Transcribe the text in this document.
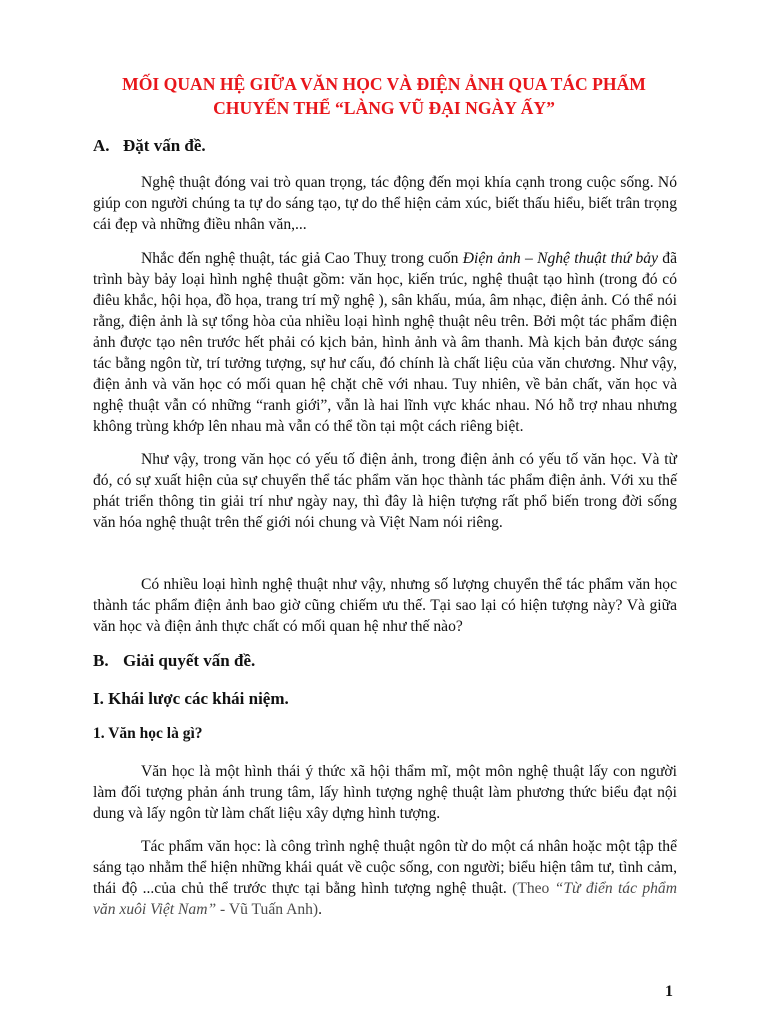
MỐI QUAN HỆ GIỮA VĂN HỌC VÀ ĐIỆN ẢNH QUA TÁC PHẨM
CHUYỂN THỂ “LÀNG VŨ ĐẠI NGÀY ẤY”
A. Đặt vấn đề.

Nghệ thuật đóng vai trò quan trọng, tác động đến mọi khía cạnh trong cuộc sống. Nó giúp con người chúng ta tự do sáng tạo, tự do thể hiện cảm xúc, biết thấu hiểu, biết trân trọng cái đẹp và những điều nhân văn,...

Nhắc đến nghệ thuật, tác giả Cao Thuỵ trong cuốn Điện ảnh – Nghệ thuật thứ bảy đã trình bày bảy loại hình nghệ thuật gồm: văn học, kiến trúc, nghệ thuật tạo hình (trong đó có điêu khắc, hội họa, đồ họa, trang trí mỹ nghệ ), sân khấu, múa, âm nhạc, điện ảnh. Có thể nói rằng, điện ảnh là sự tổng hòa của nhiều loại hình nghệ thuật nêu trên. Bởi một tác phẩm điện ảnh được tạo nên trước hết phải có kịch bản, hình ảnh và âm thanh. Mà kịch bản được sáng tác bằng ngôn từ, trí tưởng tượng, sự hư cấu, đó chính là chất liệu của văn chương. Như vậy, điện ảnh và văn học có mối quan hệ chặt chẽ với nhau. Tuy nhiên, về bản chất, văn học và nghệ thuật vẫn có những “ranh giới”, vẫn là hai lĩnh vực khác nhau. Nó hỗ trợ nhau nhưng không trùng khớp lên nhau mà vẫn có thể tồn tại một cách riêng biệt.

Như vậy, trong văn học có yếu tố điện ảnh, trong điện ảnh có yếu tố văn học. Và từ đó, có sự xuất hiện của sự chuyển thể tác phẩm văn học thành tác phẩm điện ảnh. Với xu thế phát triển thông tin giải trí như ngày nay, thì đây là hiện tượng rất phổ biến trong đời sống văn hóa nghệ thuật trên thế giới nói chung và Việt Nam nói riêng.

Có nhiều loại hình nghệ thuật như vậy, nhưng số lượng chuyển thể tác phẩm văn học thành tác phẩm điện ảnh bao giờ cũng chiếm ưu thế. Tại sao lại có hiện tượng này? Và giữa văn học và điện ảnh thực chất có mối quan hệ như thế nào?

B. Giải quyết vấn đề.
I. Khái lược các khái niệm.
1. Văn học là gì?

Văn học là một hình thái ý thức xã hội thẩm mĩ, một môn nghệ thuật lấy con người làm đối tượng phản ánh trung tâm, lấy hình tượng nghệ thuật làm phương thức biểu đạt nội dung và lấy ngôn từ làm chất liệu xây dựng hình tượng.

Tác phẩm văn học: là công trình nghệ thuật ngôn từ do một cá nhân hoặc một tập thể sáng tạo nhằm thể hiện những khái quát về cuộc sống, con người; biểu hiện tâm tư, tình cảm, thái độ ...của chủ thể trước thực tại bằng hình tượng nghệ thuật. (Theo “Từ điển tác phẩm văn xuôi Việt Nam” - Vũ Tuấn Anh).

1
